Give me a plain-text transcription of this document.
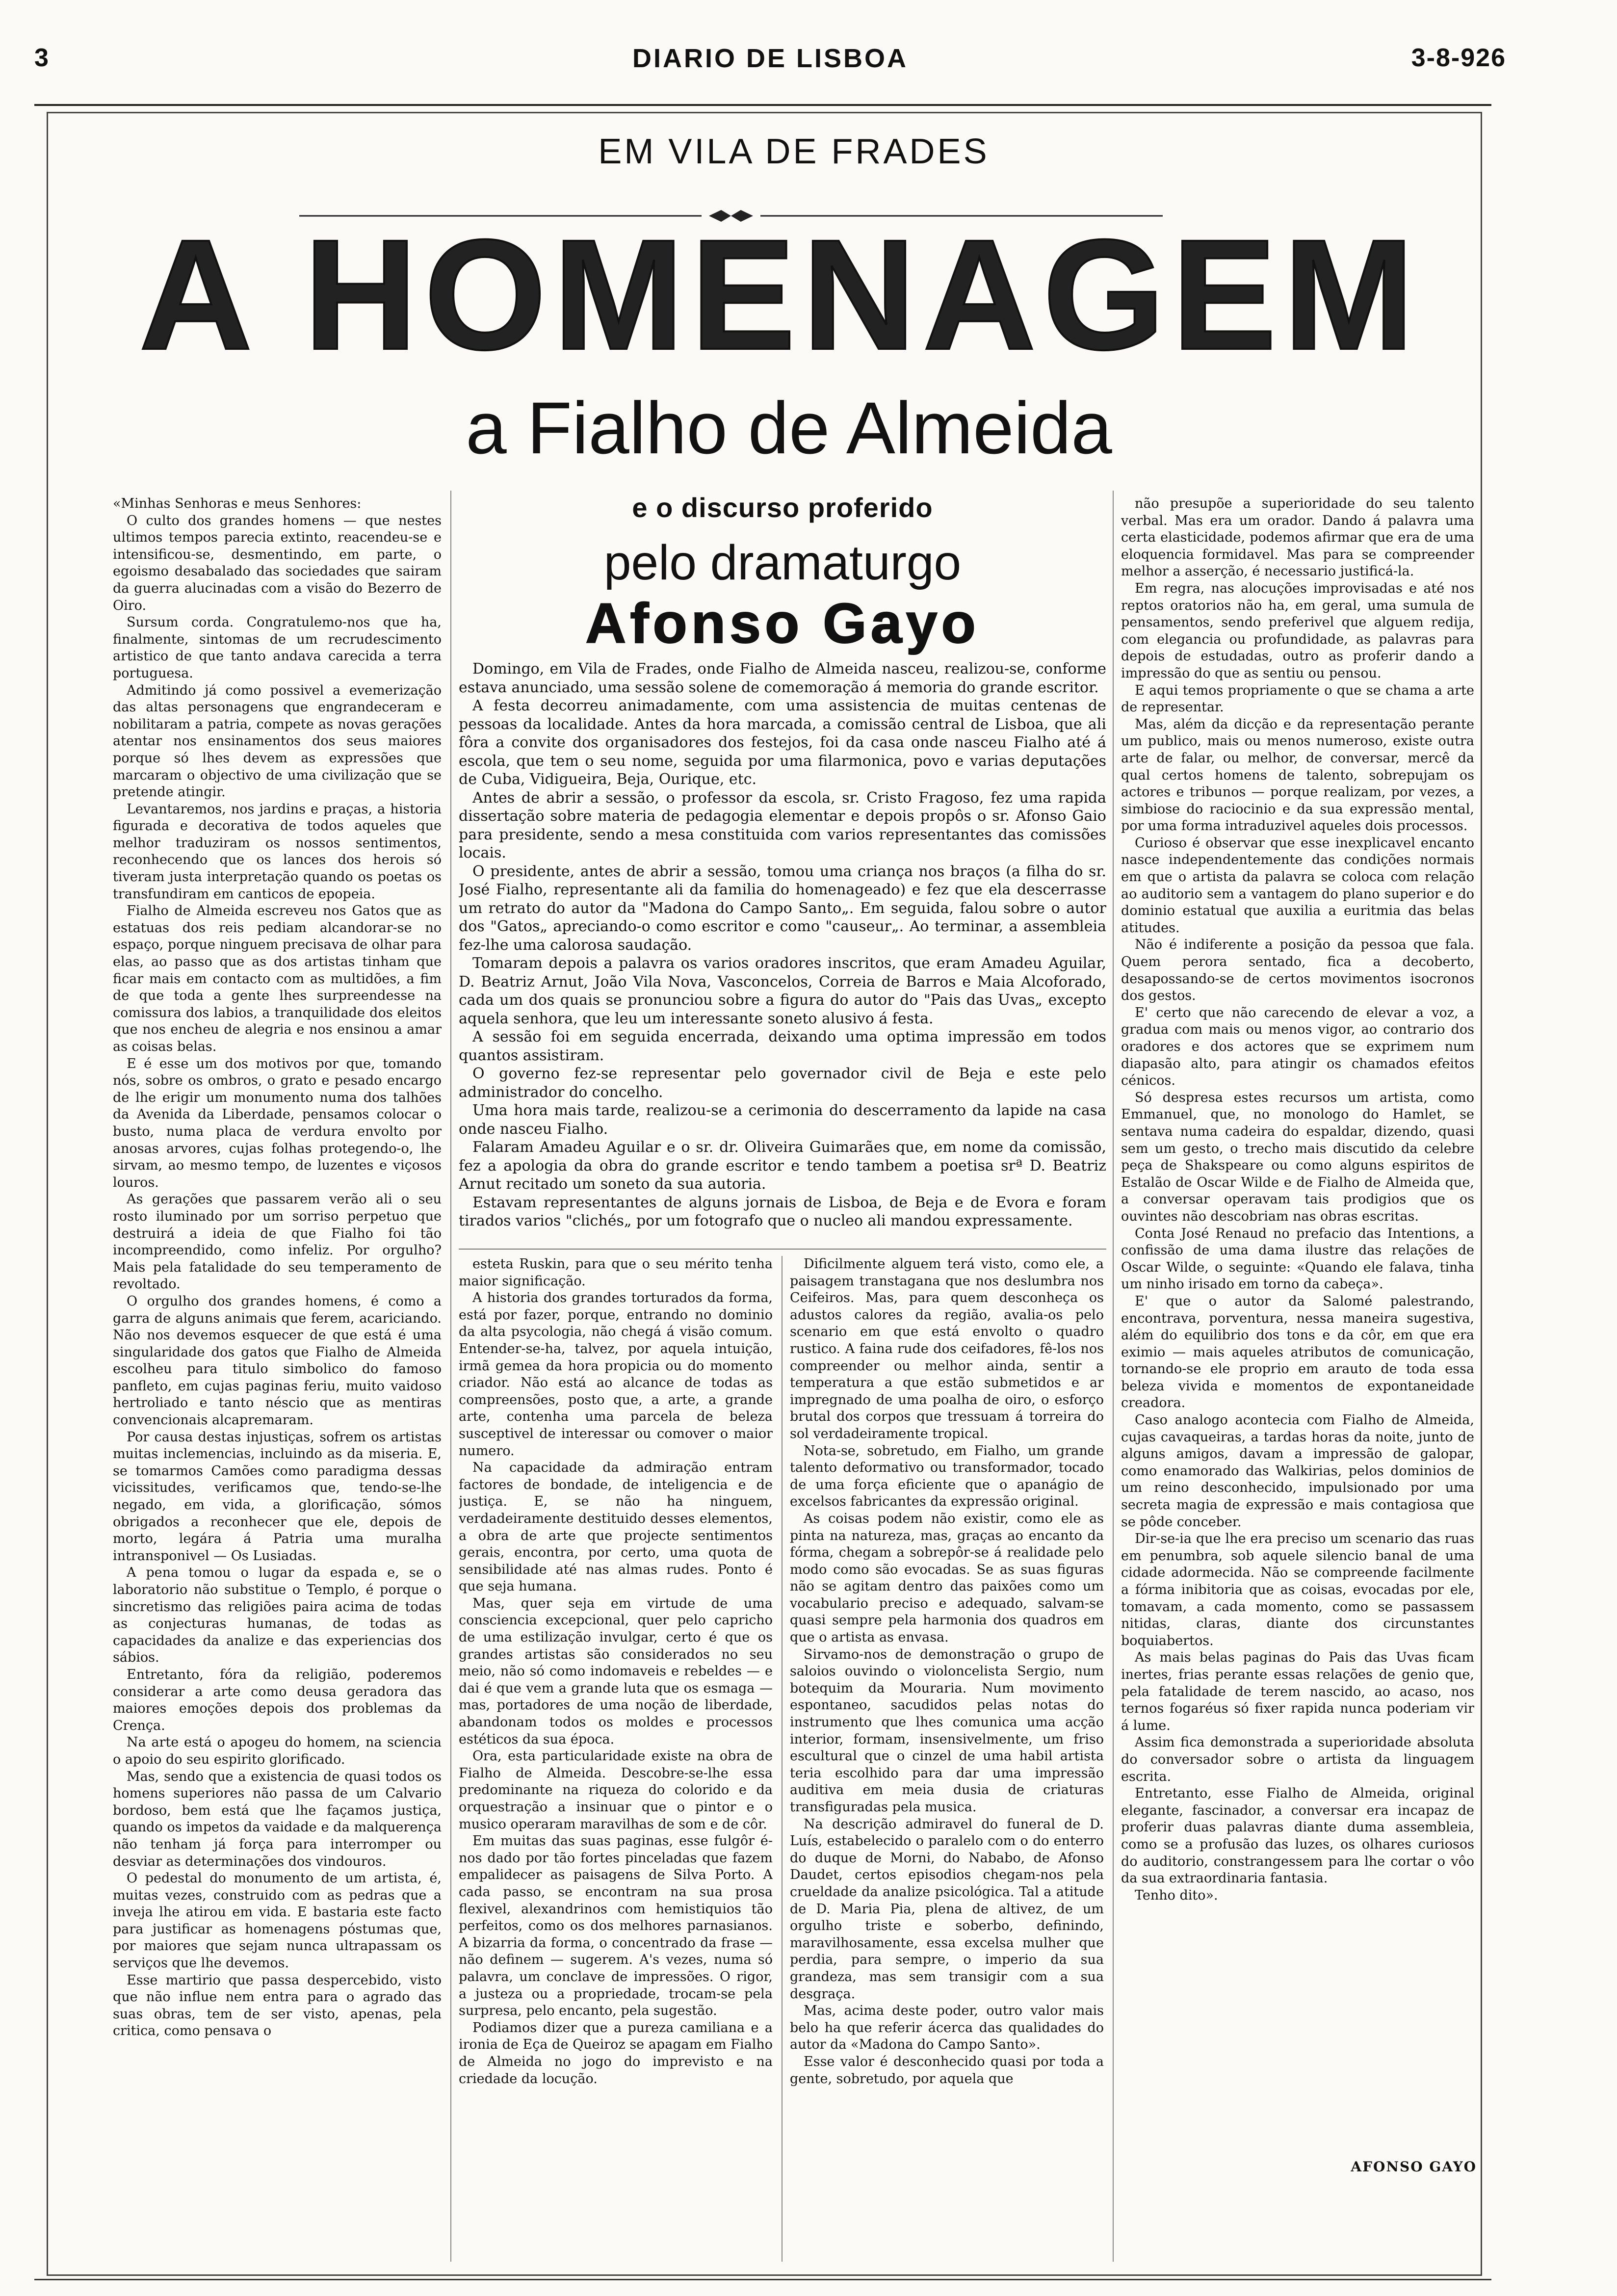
3	DIARIO DE LISBOA	3-8-926
EM VILA DE FRADES
A HOMENAGEM
a Fialho de Almeida
e o discurso proferido
pelo dramaturgo
Afonso Gayo

«Minhas Senhoras e meus Senhores:

O culto dos grandes homens — que nestes ultimos tempos parecia extinto, reacendeu-se e intensificou-se, desmentindo, em parte, o egoismo desabalado das sociedades que sairam da guerra alucinadas com a visão do Bezerro de Oiro.

Sursum corda. Congratulemo-nos que ha, finalmente, sintomas de um recrudescimento artistico de que tanto andava carecida a terra portuguesa.

Admitindo já como possivel a evemerização das altas personagens que engrandeceram e nobilitaram a patria, compete as novas gerações atentar nos ensinamentos dos seus maiores porque só lhes devem as expressões que marcaram o objectivo de uma civilização que se pretende atingir.

Levantaremos, nos jardins e praças, a historia figurada e decorativa de todos aqueles que melhor traduziram os nossos sentimentos, reconhecendo que os lances dos herois só tiveram justa interpretação quando os poetas os transfundiram em canticos de epopeia.

Fialho de Almeida escreveu nos Gatos que as estatuas dos reis pediam alcandorar-se no espaço, porque ninguem precisava de olhar para elas, ao passo que as dos artistas tinham que ficar mais em contacto com as multidões, a fim de que toda a gente lhes surpreendesse na comissura dos labios, a tranquilidade dos eleitos que nos encheu de alegria e nos ensinou a amar as coisas belas.

E é esse um dos motivos por que, tomando nós, sobre os ombros, o grato e pesado encargo de lhe erigir um monumento numa dos talhões da Avenida da Liberdade, pensamos colocar o busto, numa placa de verdura envolto por anosas arvores, cujas folhas protegendo-o, lhe sirvam, ao mesmo tempo, de luzentes e viçosos louros.

As gerações que passarem verão ali o seu rosto iluminado por um sorriso perpetuo que destruirá a ideia de que Fialho foi tão incompreendido, como infeliz. Por orgulho? Mais pela fatalidade do seu temperamento de revoltado.

O orgulho dos grandes homens, é como a garra de alguns animais que ferem, acariciando. Não nos devemos esquecer de que está é uma singularidade dos gatos que Fialho de Almeida escolheu para titulo simbolico do famoso panfleto, em cujas paginas feriu, muito vaidoso hertroliado e tanto néscio que as mentiras convencionais alcapremaram.

Por causa destas injustiças, sofrem os artistas muitas inclemencias, incluindo as da miseria. E, se tomarmos Camões como paradigma dessas vicissitudes, verificamos que, tendo-se-lhe negado, em vida, a glorificação, sómos obrigados a reconhecer que ele, depois de morto, legára á Patria uma muralha intransponivel — Os Lusiadas.

A pena tomou o lugar da espada e, se o laboratorio não substitue o Templo, é porque o sincretismo das religiões paira acima de todas as conjecturas humanas, de todas as capacidades da analize e das experiencias dos sábios.

Entretanto, fóra da religião, poderemos considerar a arte como deusa geradora das maiores emoções depois dos problemas da Crença.

Na arte está o apogeu do homem, na sciencia o apoio do seu espirito glorificado.

Mas, sendo que a existencia de quasi todos os homens superiores não passa de um Calvario bordoso, bem está que lhe façamos justiça, quando os impetos da vaidade e da malquerença não tenham já força para interromper ou desviar as determinações dos vindouros.

O pedestal do monumento de um artista, é, muitas vezes, construido com as pedras que a inveja lhe atirou em vida. E bastaria este facto para justificar as homenagens póstumas que, por maiores que sejam nunca ultrapassam os serviços que lhe devemos.

Esse martirio que passa despercebido, visto que não influe nem entra para o agrado das suas obras, tem de ser visto, apenas, pela critica, como pensava o

Domingo, em Vila de Frades, onde Fialho de Almeida nasceu, realizou-se, conforme estava anunciado, uma sessão solene de comemoração á memoria do grande escritor.

A festa decorreu animadamente, com uma assistencia de muitas centenas de pessoas da localidade. Antes da hora marcada, a comissão central de Lisboa, que ali fôra a convite dos organisadores dos festejos, foi da casa onde nasceu Fialho até á escola, que tem o seu nome, seguida por uma filarmonica, povo e varias deputações de Cuba, Vidigueira, Beja, Ourique, etc.

Antes de abrir a sessão, o professor da escola, sr. Cristo Fragoso, fez uma rapida dissertação sobre materia de pedagogia elementar e depois propôs o sr. Afonso Gaio para presidente, sendo a mesa constituida com varios representantes das comissões locais.

O presidente, antes de abrir a sessão, tomou uma criança nos braços (a filha do sr. José Fialho, representante ali da familia do homenageado) e fez que ela descerrasse um retrato do autor da "Madona do Campo Santo„. Em seguida, falou sobre o autor dos "Gatos„ apreciando-o como escritor e como "causeur„. Ao terminar, a assembleia fez-lhe uma calorosa saudação.

Tomaram depois a palavra os varios oradores inscritos, que eram Amadeu Aguilar, D. Beatriz Arnut, João Vila Nova, Vasconcelos, Correia de Barros e Maia Alcoforado, cada um dos quais se pronunciou sobre a figura do autor do "Pais das Uvas„ excepto aquela senhora, que leu um interessante soneto alusivo á festa.

A sessão foi em seguida encerrada, deixando uma optima impressão em todos quantos assistiram.

O governo fez-se representar pelo governador civil de Beja e este pelo administrador do concelho.

Uma hora mais tarde, realizou-se a cerimonia do descerramento da lapide na casa onde nasceu Fialho.

Falaram Amadeu Aguilar e o sr. dr. Oliveira Guimarães que, em nome da comissão, fez a apologia da obra do grande escritor e tendo tambem a poetisa srª D. Beatriz Arnut recitado um soneto da sua autoria.

Estavam representantes de alguns jornais de Lisboa, de Beja e de Evora e foram tirados varios "clichés„ por um fotografo que o nucleo ali mandou expressamente.

esteta Ruskin, para que o seu mérito tenha maior significação.

A historia dos grandes torturados da forma, está por fazer, porque, entrando no dominio da alta psycologia, não chegá á visão comum. Entender-se-ha, talvez, por aquela intuição, irmã gemea da hora propicia ou do momento criador. Não está ao alcance de todas as compreensões, posto que, a arte, a grande arte, contenha uma parcela de beleza susceptivel de interessar ou comover o maior numero.

Na capacidade da admiração entram factores de bondade, de inteligencia e de justiça. E, se não ha ninguem, verdadeiramente destituido desses elementos, a obra de arte que projecte sentimentos gerais, encontra, por certo, uma quota de sensibilidade até nas almas rudes. Ponto é que seja humana.

Mas, quer seja em virtude de uma consciencia excepcional, quer pelo capricho de uma estilização invulgar, certo é que os grandes artistas são considerados no seu meio, não só como indomaveis e rebeldes — e dai é que vem a grande luta que os esmaga — mas, portadores de uma noção de liberdade, abandonam todos os moldes e processos estéticos da sua época.

Ora, esta particularidade existe na obra de Fialho de Almeida. Descobre-se-lhe essa predominante na riqueza do colorido e da orquestração a insinuar que o pintor e o musico operaram maravilhas de som e de côr.

Em muitas das suas paginas, esse fulgôr é-nos dado por tão fortes pinceladas que fazem empalidecer as paisagens de Silva Porto. A cada passo, se encontram na sua prosa flexivel, alexandrinos com hemistiquios tão perfeitos, como os dos melhores parnasianos. A bizarria da forma, o concentrado da frase — não definem — sugerem. A's vezes, numa só palavra, um conclave de impressões. O rigor, a justeza ou a propriedade, trocam-se pela surpresa, pelo encanto, pela sugestão.

Podiamos dizer que a pureza camiliana e a ironia de Eça de Queiroz se apagam em Fialho de Almeida no jogo do imprevisto e na criedade da locução.

Dificilmente alguem terá visto, como ele, a paisagem transtagana que nos deslumbra nos Ceifeiros. Mas, para quem desconheça os adustos calores da região, avalia-os pelo scenario em que está envolto o quadro rustico. A faina rude dos ceifadores, fê-los nos compreender ou melhor ainda, sentir a temperatura a que estão submetidos e ar impregnado de uma poalha de oiro, o esforço brutal dos corpos que tressuam á torreira do sol verdadeiramente tropical.

Nota-se, sobretudo, em Fialho, um grande talento deformativo ou transformador, tocado de uma força eficiente que o apanágio de excelsos fabricantes da expressão original.

As coisas podem não existir, como ele as pinta na natureza, mas, graças ao encanto da fórma, chegam a sobrepôr-se á realidade pelo modo como são evocadas. Se as suas figuras não se agitam dentro das paixões como um vocabulario preciso e adequado, salvam-se quasi sempre pela harmonia dos quadros em que o artista as envasa.

Sirvamo-nos de demonstração o grupo de saloios ouvindo o violoncelista Sergio, num botequim da Mouraria. Num movimento espontaneo, sacudidos pelas notas do instrumento que lhes comunica uma acção interior, formam, insensivelmente, um friso escultural que o cinzel de uma habil artista teria escolhido para dar uma impressão auditiva em meia dusia de criaturas transfiguradas pela musica.

Na descrição admiravel do funeral de D. Luís, estabelecido o paralelo com o do enterro do duque de Morni, do Nababo, de Afonso Daudet, certos episodios chegam-nos pela crueldade da analize psicológica. Tal a atitude de D. Maria Pia, plena de altivez, de um orgulho triste e soberbo, definindo, maravilhosamente, essa excelsa mulher que perdia, para sempre, o imperio da sua grandeza, mas sem transigir com a sua desgraça.

Mas, acima deste poder, outro valor mais belo ha que referir ácerca das qualidades do autor da «Madona do Campo Santo».

Esse valor é desconhecido quasi por toda a gente, sobretudo, por aquela que

não presupõe a superioridade do seu talento verbal. Mas era um orador. Dando á palavra uma certa elasticidade, podemos afirmar que era de uma eloquencia formidavel. Mas para se compreender melhor a asserção, é necessario justificá-la.

Em regra, nas alocuções improvisadas e até nos reptos oratorios não ha, em geral, uma sumula de pensamentos, sendo preferivel que alguem redija, com elegancia ou profundidade, as palavras para depois de estudadas, outro as proferir dando a impressão do que as sentiu ou pensou.

E aqui temos propriamente o que se chama a arte de representar.

Mas, além da dicção e da representação perante um publico, mais ou menos numeroso, existe outra arte de falar, ou melhor, de conversar, mercê da qual certos homens de talento, sobrepujam os actores e tribunos — porque realizam, por vezes, a simbiose do raciocinio e da sua expressão mental, por uma forma intraduzivel aqueles dois processos.

Curioso é observar que esse inexplicavel encanto nasce independentemente das condições normais em que o artista da palavra se coloca com relação ao auditorio sem a vantagem do plano superior e do dominio estatual que auxilia a euritmia das belas atitudes.

Não é indiferente a posição da pessoa que fala. Quem perora sentado, fica a decoberto, desapossando-se de certos movimentos isocronos dos gestos.

E' certo que não carecendo de elevar a voz, a gradua com mais ou menos vigor, ao contrario dos oradores e dos actores que se exprimem num diapasão alto, para atingir os chamados efeitos cénicos.

Só despresa estes recursos um artista, como Emmanuel, que, no monologo do Hamlet, se sentava numa cadeira do espaldar, dizendo, quasi sem um gesto, o trecho mais discutido da celebre peça de Shakspeare ou como alguns espiritos de Estalão de Oscar Wilde e de Fialho de Almeida que, a conversar operavam tais prodigios que os ouvintes não descobriam nas obras escritas.

Conta José Renaud no prefacio das Intentions, a confissão de uma dama ilustre das relações de Oscar Wilde, o seguinte: «Quando ele falava, tinha um ninho irisado em torno da cabeça».

E' que o autor da Salomé palestrando, encontrava, porventura, nessa maneira sugestiva, além do equilibrio dos tons e da côr, em que era eximio — mais aqueles atributos de comunicação, tornando-se ele proprio em arauto de toda essa beleza vivida e momentos de expontaneidade creadora.

Caso analogo acontecia com Fialho de Almeida, cujas cavaqueiras, a tardas horas da noite, junto de alguns amigos, davam a impressão de galopar, como enamorado das Walkirias, pelos dominios de um reino desconhecido, impulsionado por uma secreta magia de expressão e mais contagiosa que se pôde conceber.

Dir-se-ia que lhe era preciso um scenario das ruas em penumbra, sob aquele silencio banal de uma cidade adormecida. Não se compreende facilmente a fórma inibitoria que as coisas, evocadas por ele, tomavam, a cada momento, como se passassem nitidas, claras, diante dos circunstantes boquiabertos.

As mais belas paginas do Pais das Uvas ficam inertes, frias perante essas relações de genio que, pela fatalidade de terem nascido, ao acaso, nos ternos fogaréus só fixer rapida nunca poderiam vir á lume.

Assim fica demonstrada a superioridade absoluta do conversador sobre o artista da linguagem escrita.

Entretanto, esse Fialho de Almeida, original elegante, fascinador, a conversar era incapaz de proferir duas palavras diante duma assembleia, como se a profusão das luzes, os olhares curiosos do auditorio, constrangessem para lhe cortar o vôo da sua extraordinaria fantasia.

Tenho dito».

AFONSO GAYO
